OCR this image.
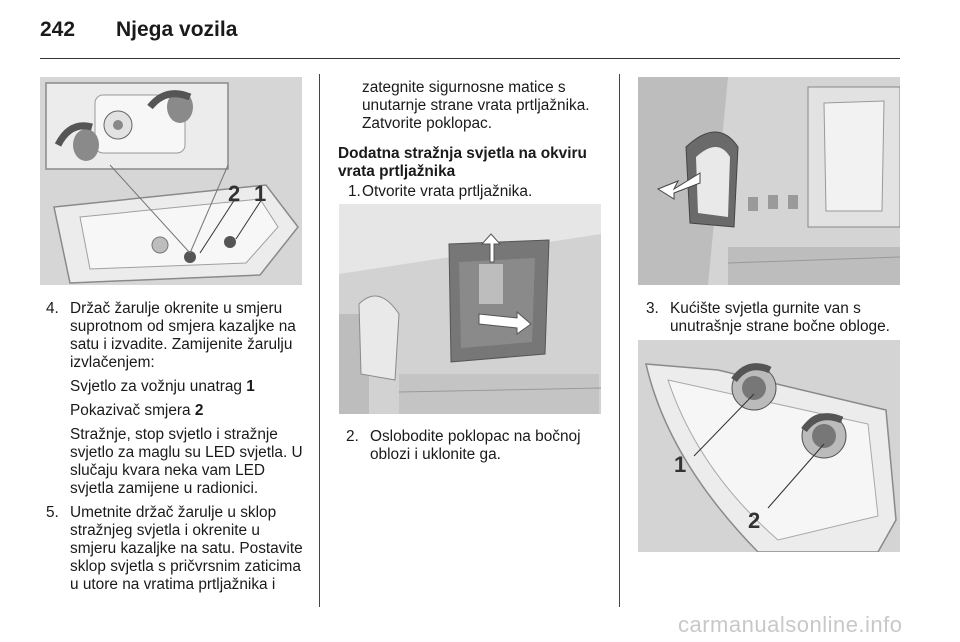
242	Njega vozila
2 1
4. Držač žarulje okrenite u smjeru suprotnom od smjera kazaljke na satu i izvadite. Zamijenite žarulju izvlačenjem:
Svjetlo za vožnju unatrag 1
Pokazivač smjera 2
Stražnje, stop svjetlo i stražnje svjetlo za maglu su LED svjetla. U slučaju kvara neka vam LED svjetla zamijene u radionici.
5. Umetnite držač žarulje u sklop stražnjeg svjetla i okrenite u smjeru kazaljke na satu. Postavite sklop svjetla s pričvrsnim zaticima u utore na vratima prtljažnika i
zategnite sigurnosne matice s unutarnje strane vrata prtljažnika. Zatvorite poklopac.
Dodatna stražnja svjetla na okviru vrata prtljažnika
1. Otvorite vrata prtljažnika.
2. Oslobodite poklopac na bočnoj oblozi i uklonite ga.
3. Kućište svjetla gurnite van s unutrašnje strane bočne obloge.
1
2
carmanualsonline.info
